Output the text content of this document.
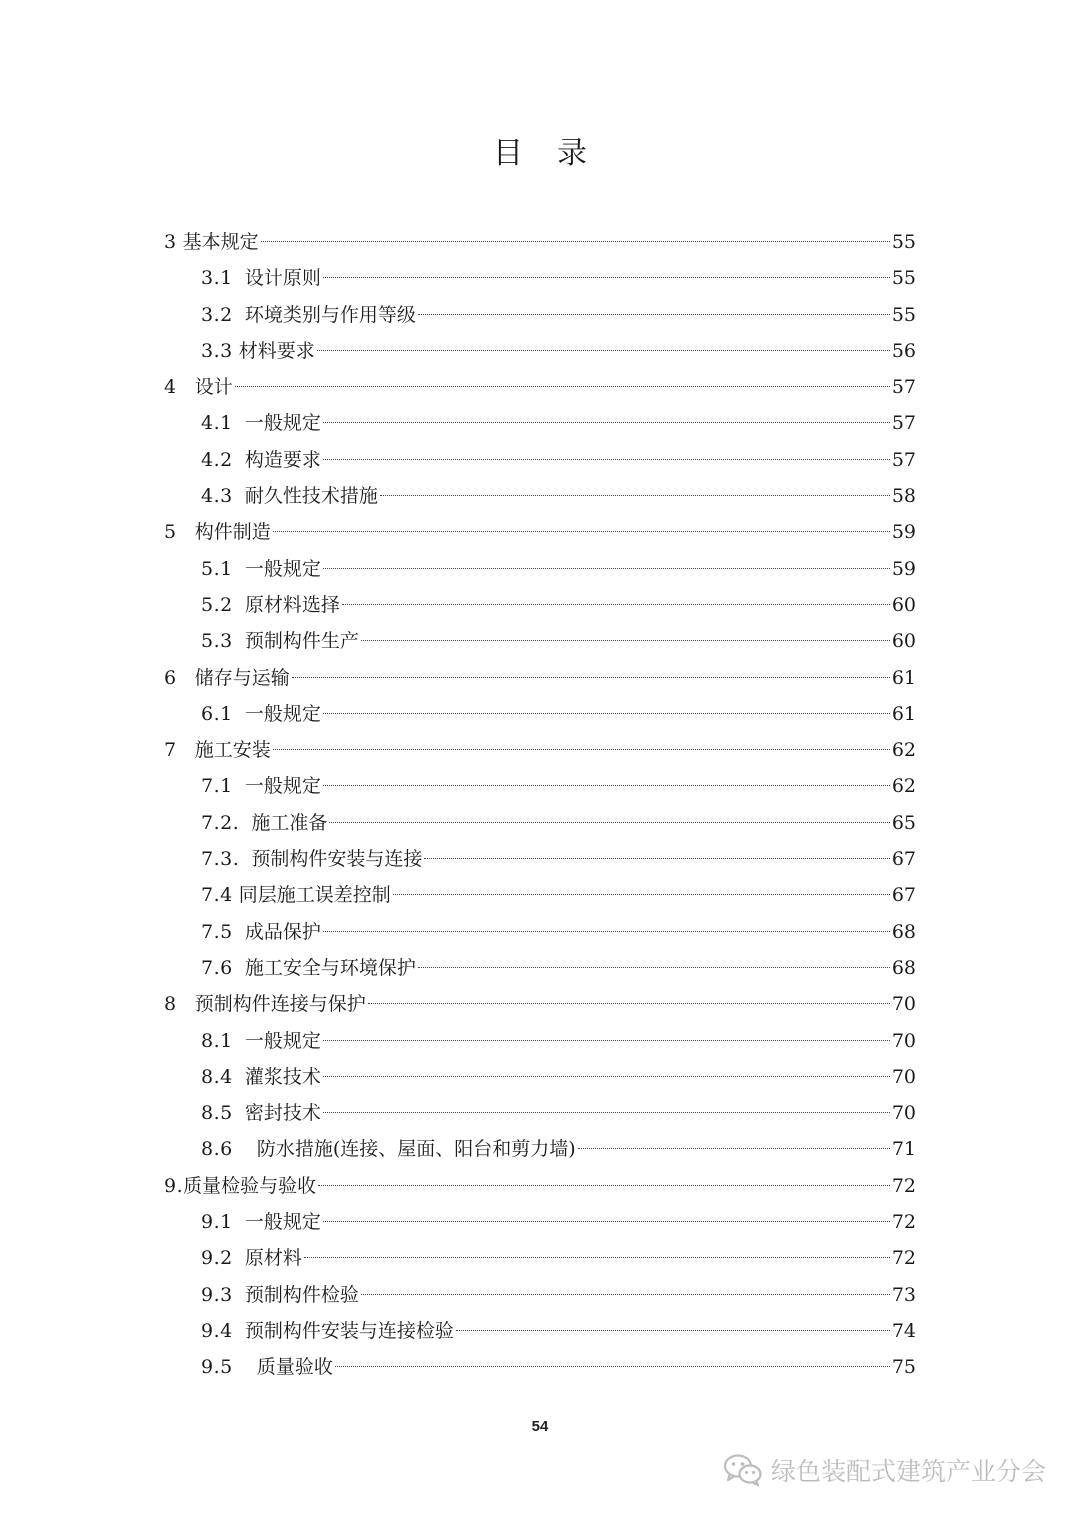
目 录
3 基本规定	55
3.1 设计原则	55
3.2 环境类别与作用等级	55
3.3 材料要求	56
4 设计	57
4.1 一般规定	57
4.2 构造要求	57
4.3 耐久性技术措施	58
5 构件制造	59
5.1 一般规定	59
5.2 原材料选择	60
5.3 预制构件生产	60
6 储存与运输	61
6.1 一般规定	61
7 施工安装	62
7.1 一般规定	62
7.2. 施工准备	65
7.3. 预制构件安装与连接	67
7.4 同层施工误差控制	67
7.5 成品保护	68
7.6 施工安全与环境保护	68
8 预制构件连接与保护	70
8.1 一般规定	70
8.4 灌浆技术	70
8.5 密封技术	70
8.6 防水措施(连接、屋面、阳台和剪力墙)	71
9.质量检验与验收	72
9.1 一般规定	72
9.2 原材料	72
9.3 预制构件检验	73
9.4 预制构件安装与连接检验	74
9.5 质量验收	75
54
绿色装配式建筑产业分会
